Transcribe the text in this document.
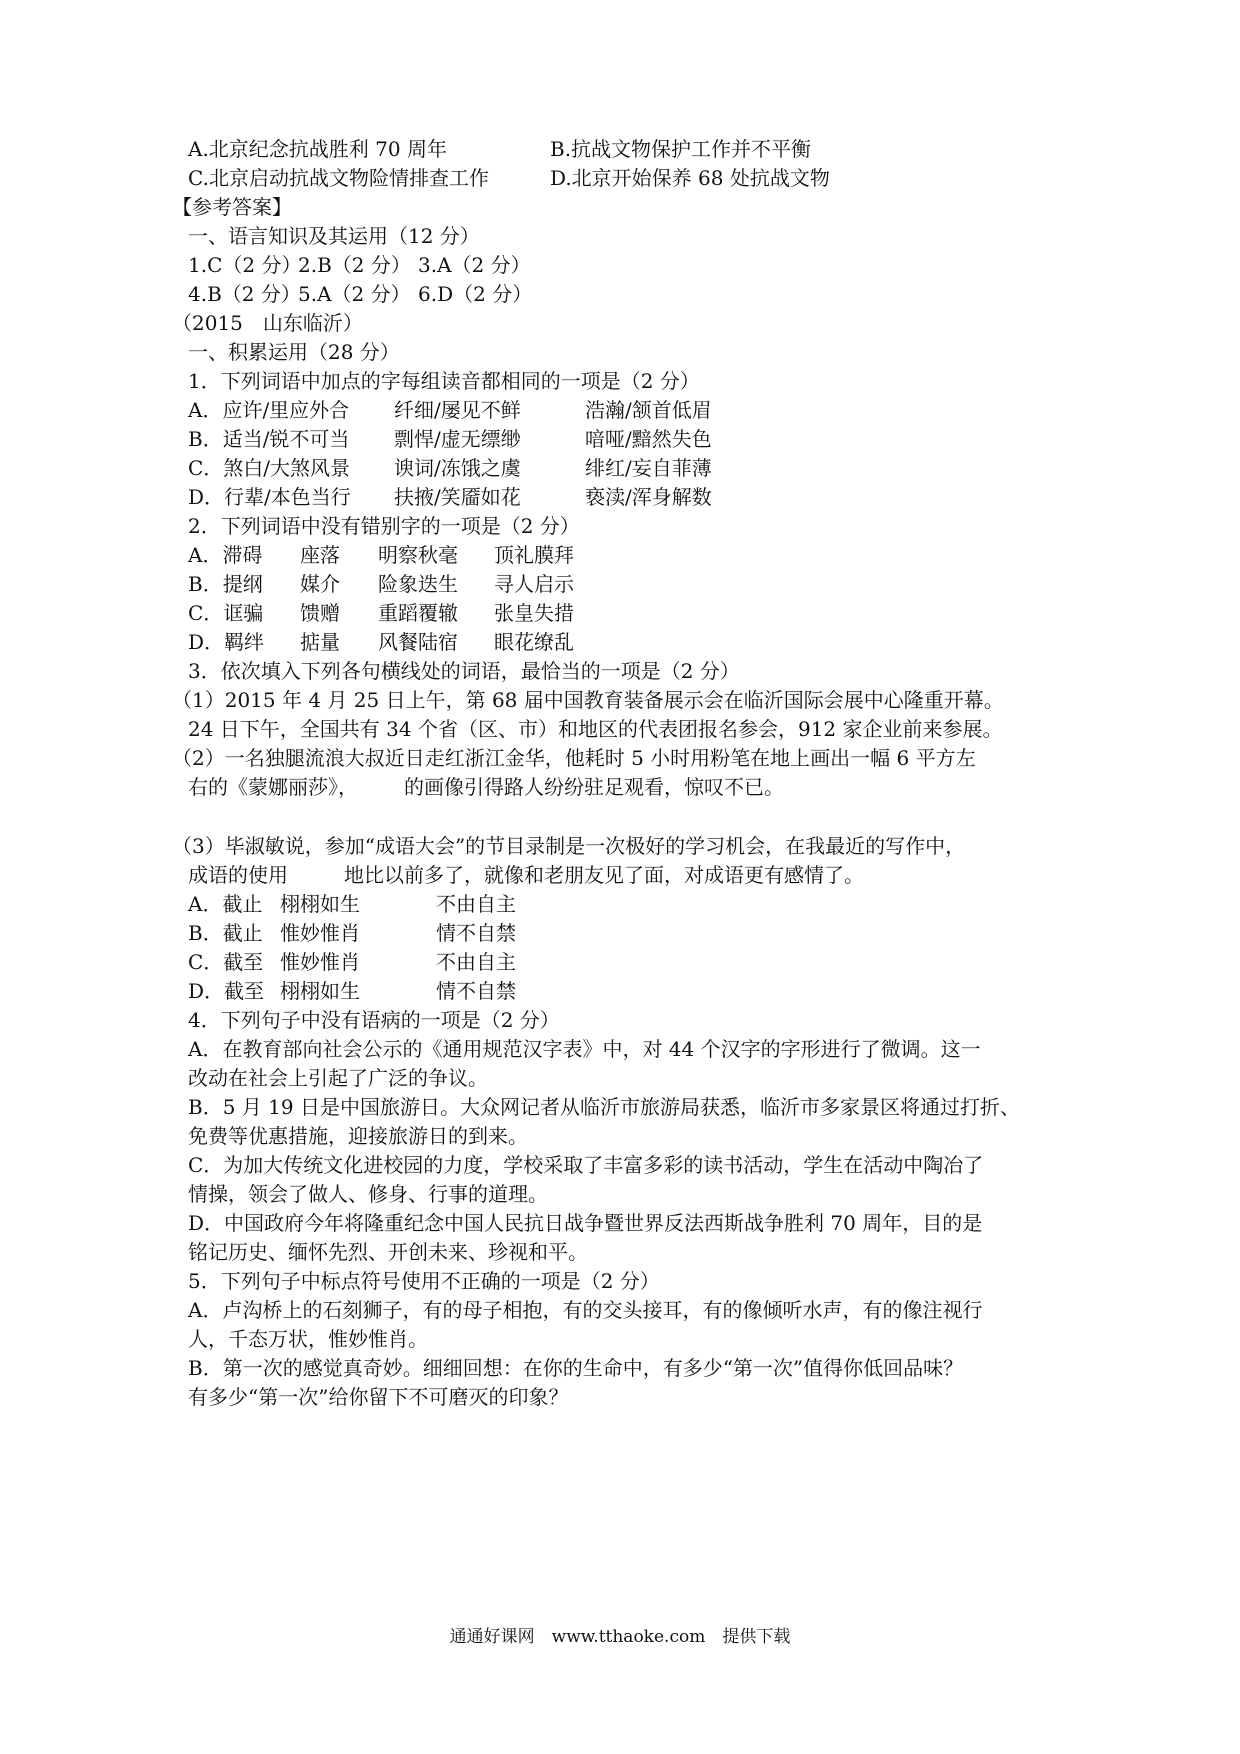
A.北京纪念抗战胜利 70 周年	B.抗战文物保护工作并不平衡
C.北京启动抗战文物险情排查工作	D.北京开始保养 68 处抗战文物
【参考答案】
一、语言知识及其运用（12 分）
1.C（2 分）
2.B（2 分） 3.A（2 分）
4.B（2 分）
5.A（2 分） 6.D（2 分）
（2015　山东临沂）
一、积累运用（28 分）
1．下列词语中加点的字每组读音都相同的一项是（2 分）
A．应许/里应外合 纤细/屡见不鲜	浩瀚/颔首低眉
B．适当/锐不可当 剽悍/虚无缥缈	喑哑/黯然失色
C．煞白/大煞风景 谀词/冻饿之虞	绯红/妄自菲薄
D．行辈/本色当行 扶掖/笑靥如花	亵渎/浑身解数
2．下列词语中没有错别字的一项是（2 分）
A．滞碍 座落 明察秋毫 顶礼膜拜
B．提纲 媒介 险象迭生 寻人启示
C．诓骗 馈赠 重蹈覆辙 张皇失措
D．羁绊 掂量 风餐陆宿 眼花缭乱
3．依次填入下列各句横线处的词语，最恰当的一项是（2 分）
（1）2015 年 4 月 25 日上午，第 68 届中国教育装备展示会在临沂国际会展中心隆重开幕。
24 日下午，全国共有 34 个省（区、市）和地区的代表团报名参会，912 家企业前来参展。
（2）一名独腿流浪大叔近日走红浙江金华，他耗时 5 小时用粉笔在地上画出一幅 6 平方左
右的《蒙娜丽莎》， 的画像引得路人纷纷驻足观看，惊叹不已。
（3）毕淑敏说，参加“成语大会”的节目录制是一次极好的学习机会，在我最近的写作中，
成语的使用	地比以前多了，就像和老朋友见了面，对成语更有感情了。
A．截止 栩栩如生	不由自主
B．截止 惟妙惟肖	情不自禁
C．截至 惟妙惟肖	不由自主
D．截至 栩栩如生	情不自禁
4．下列句子中没有语病的一项是（2 分）
A．在教育部向社会公示的《通用规范汉字表》中，对 44 个汉字的字形进行了微调。这一
改动在社会上引起了广泛的争议。
B．5 月 19 日是中国旅游日。大众网记者从临沂市旅游局获悉，临沂市多家景区将通过打折、
免费等优惠措施，迎接旅游日的到来。
C．为加大传统文化进校园的力度，学校采取了丰富多彩的读书活动，学生在活动中陶冶了
情操，领会了做人、修身、行事的道理。
D．中国政府今年将隆重纪念中国人民抗日战争暨世界反法西斯战争胜利 70 周年，目的是
铭记历史、缅怀先烈、开创未来、珍视和平。
5．下列句子中标点符号使用不正确的一项是（2 分）
A．卢沟桥上的石刻狮子，有的母子相抱，有的交头接耳，有的像倾听水声，有的像注视行
人，千态万状，惟妙惟肖。
B．第一次的感觉真奇妙。细细回想：在你的生命中，有多少“第一次”值得你低回品味？
有多少“第一次”给你留下不可磨灭的印象？
通通好课网　www.tthaoke.com　提供下载
